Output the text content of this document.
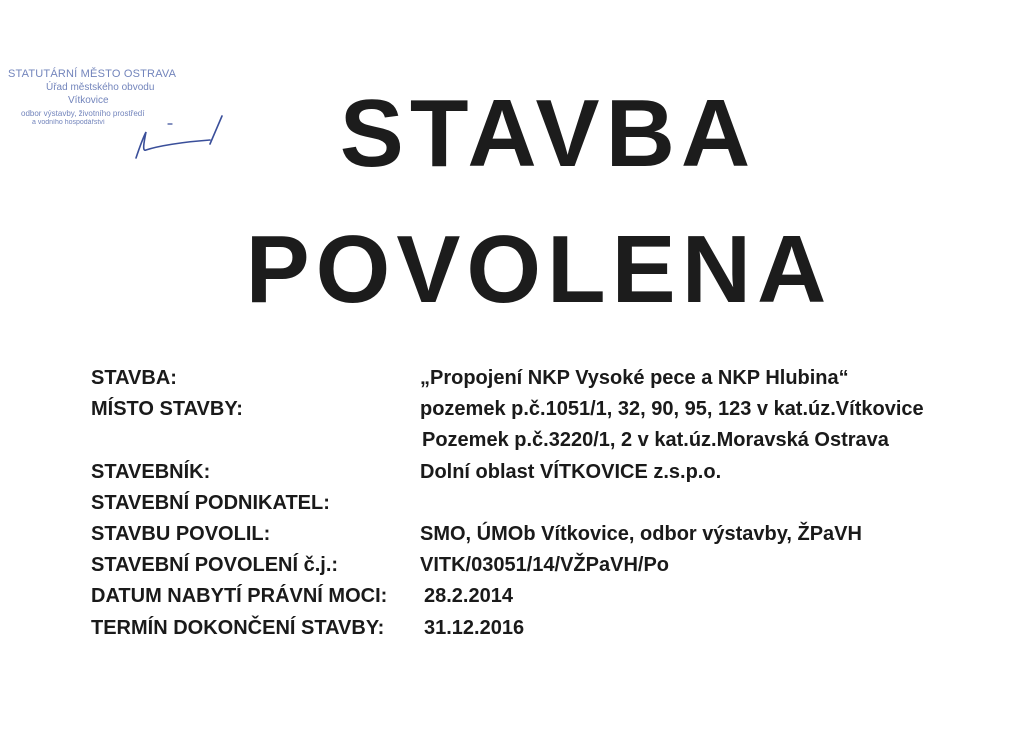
STATUTÁRNÍ MĚSTO OSTRAVA
Úřad městského obvodu
Vítkovice
odbor výstavby, životního prostředí
a vodního hospodářství	STAVBA
POVOLENA
STAVBA:	„Propojení NKP Vysoké pece a NKP Hlubina“
MÍSTO STAVBY:	pozemek p.č.1051/1, 32, 90, 95, 123 v kat.úz.Vítkovice
Pozemek p.č.3220/1, 2 v kat.úz.Moravská Ostrava
STAVEBNÍK:	Dolní oblast VÍTKOVICE z.s.p.o.
STAVEBNÍ PODNIKATEL:
STAVBU POVOLIL:	SMO, ÚMOb Vítkovice, odbor výstavby, ŽPaVH
STAVEBNÍ POVOLENÍ č.j.:	VITK/03051/14/VŽPaVH/Po
DATUM NABYTÍ PRÁVNÍ MOCI: 28.2.2014
TERMÍN DOKONČENÍ STAVBY: 31.12.2016
